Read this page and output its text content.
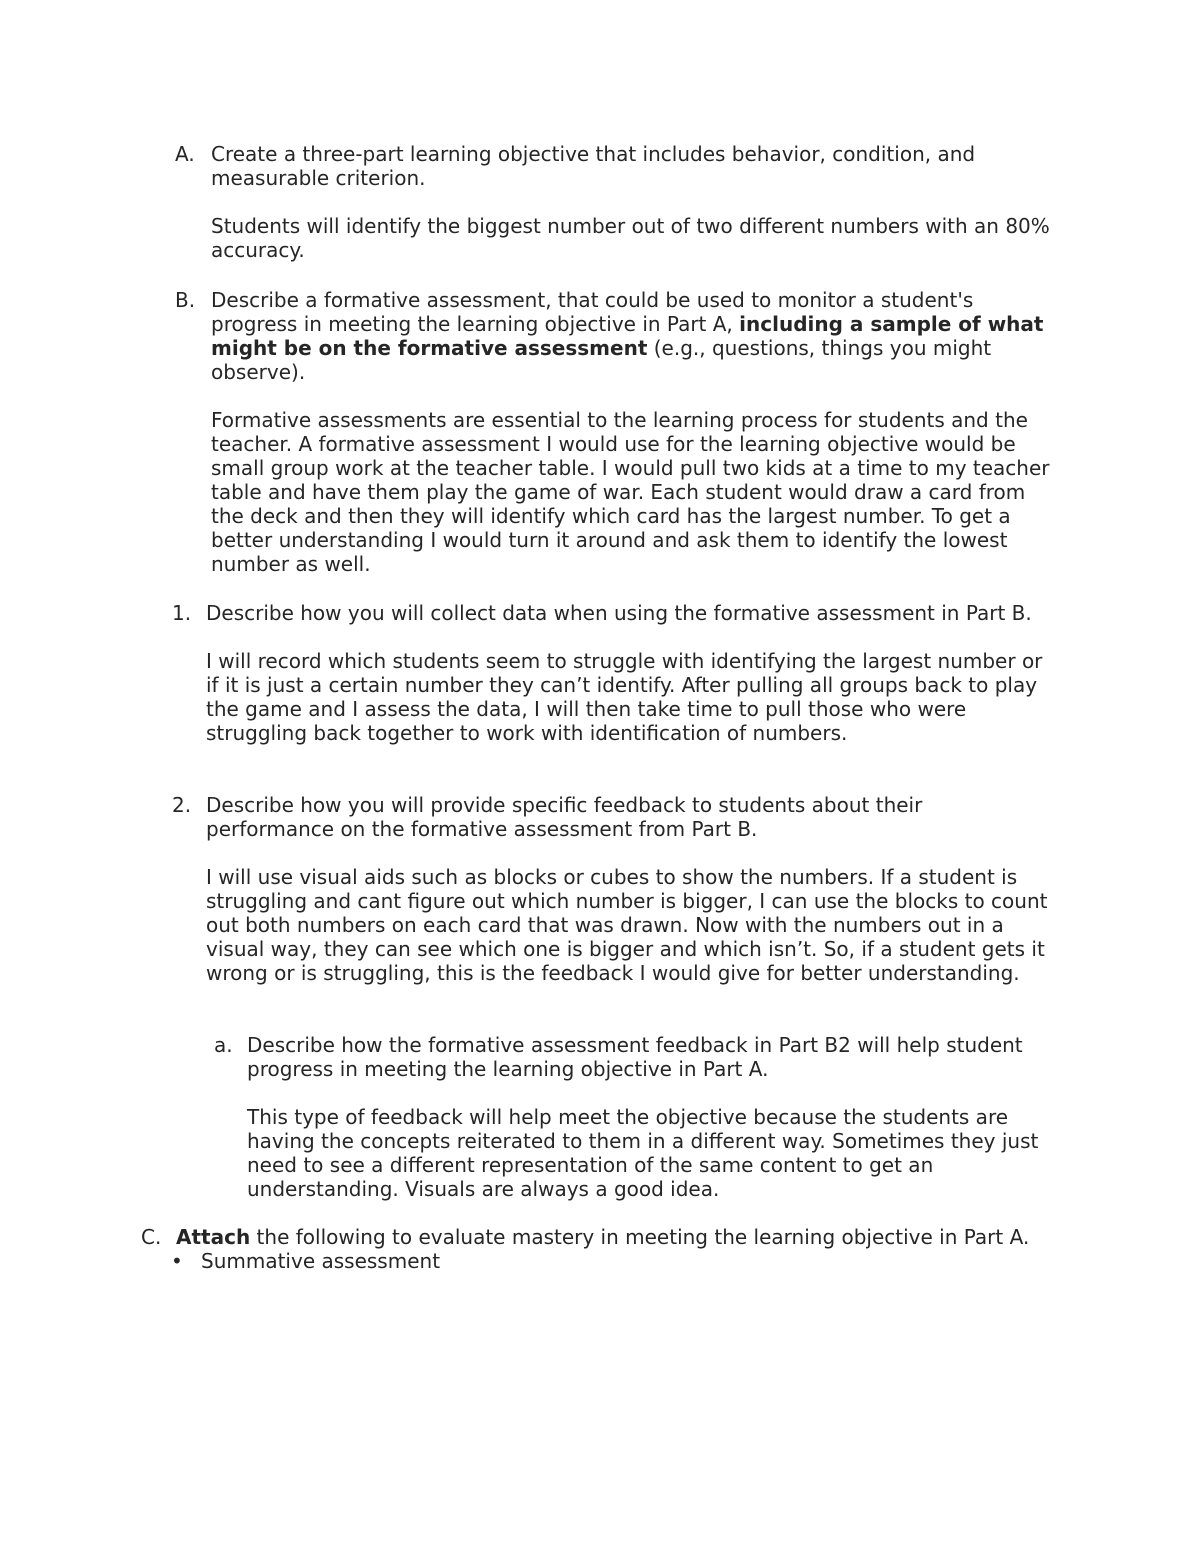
A. Create a three-part learning objective that includes behavior, condition, and measurable criterion.

Students will identify the biggest number out of two different numbers with an 80% accuracy.

B. Describe a formative assessment, that could be used to monitor a student's progress in meeting the learning objective in Part A, including a sample of what might be on the formative assessment (e.g., questions, things you might observe).

Formative assessments are essential to the learning process for students and the teacher. A formative assessment I would use for the learning objective would be small group work at the teacher table. I would pull two kids at a time to my teacher table and have them play the game of war. Each student would draw a card from the deck and then they will identify which card has the largest number. To get a better understanding I would turn it around and ask them to identify the lowest number as well.

1. Describe how you will collect data when using the formative assessment in Part B.

I will record which students seem to struggle with identifying the largest number or if it is just a certain number they can’t identify. After pulling all groups back to play the game and I assess the data, I will then take time to pull those who were struggling back together to work with identification of numbers.

2. Describe how you will provide specific feedback to students about their performance on the formative assessment from Part B.

I will use visual aids such as blocks or cubes to show the numbers. If a student is struggling and cant figure out which number is bigger, I can use the blocks to count out both numbers on each card that was drawn. Now with the numbers out in a visual way, they can see which one is bigger and which isn’t. So, if a student gets it wrong or is struggling, this is the feedback I would give for better understanding.

a. Describe how the formative assessment feedback in Part B2 will help student progress in meeting the learning objective in Part A.

This type of feedback will help meet the objective because the students are having the concepts reiterated to them in a different way. Sometimes they just need to see a different representation of the same content to get an understanding. Visuals are always a good idea.

C. Attach the following to evaluate mastery in meeting the learning objective in Part A.

• Summative assessment
